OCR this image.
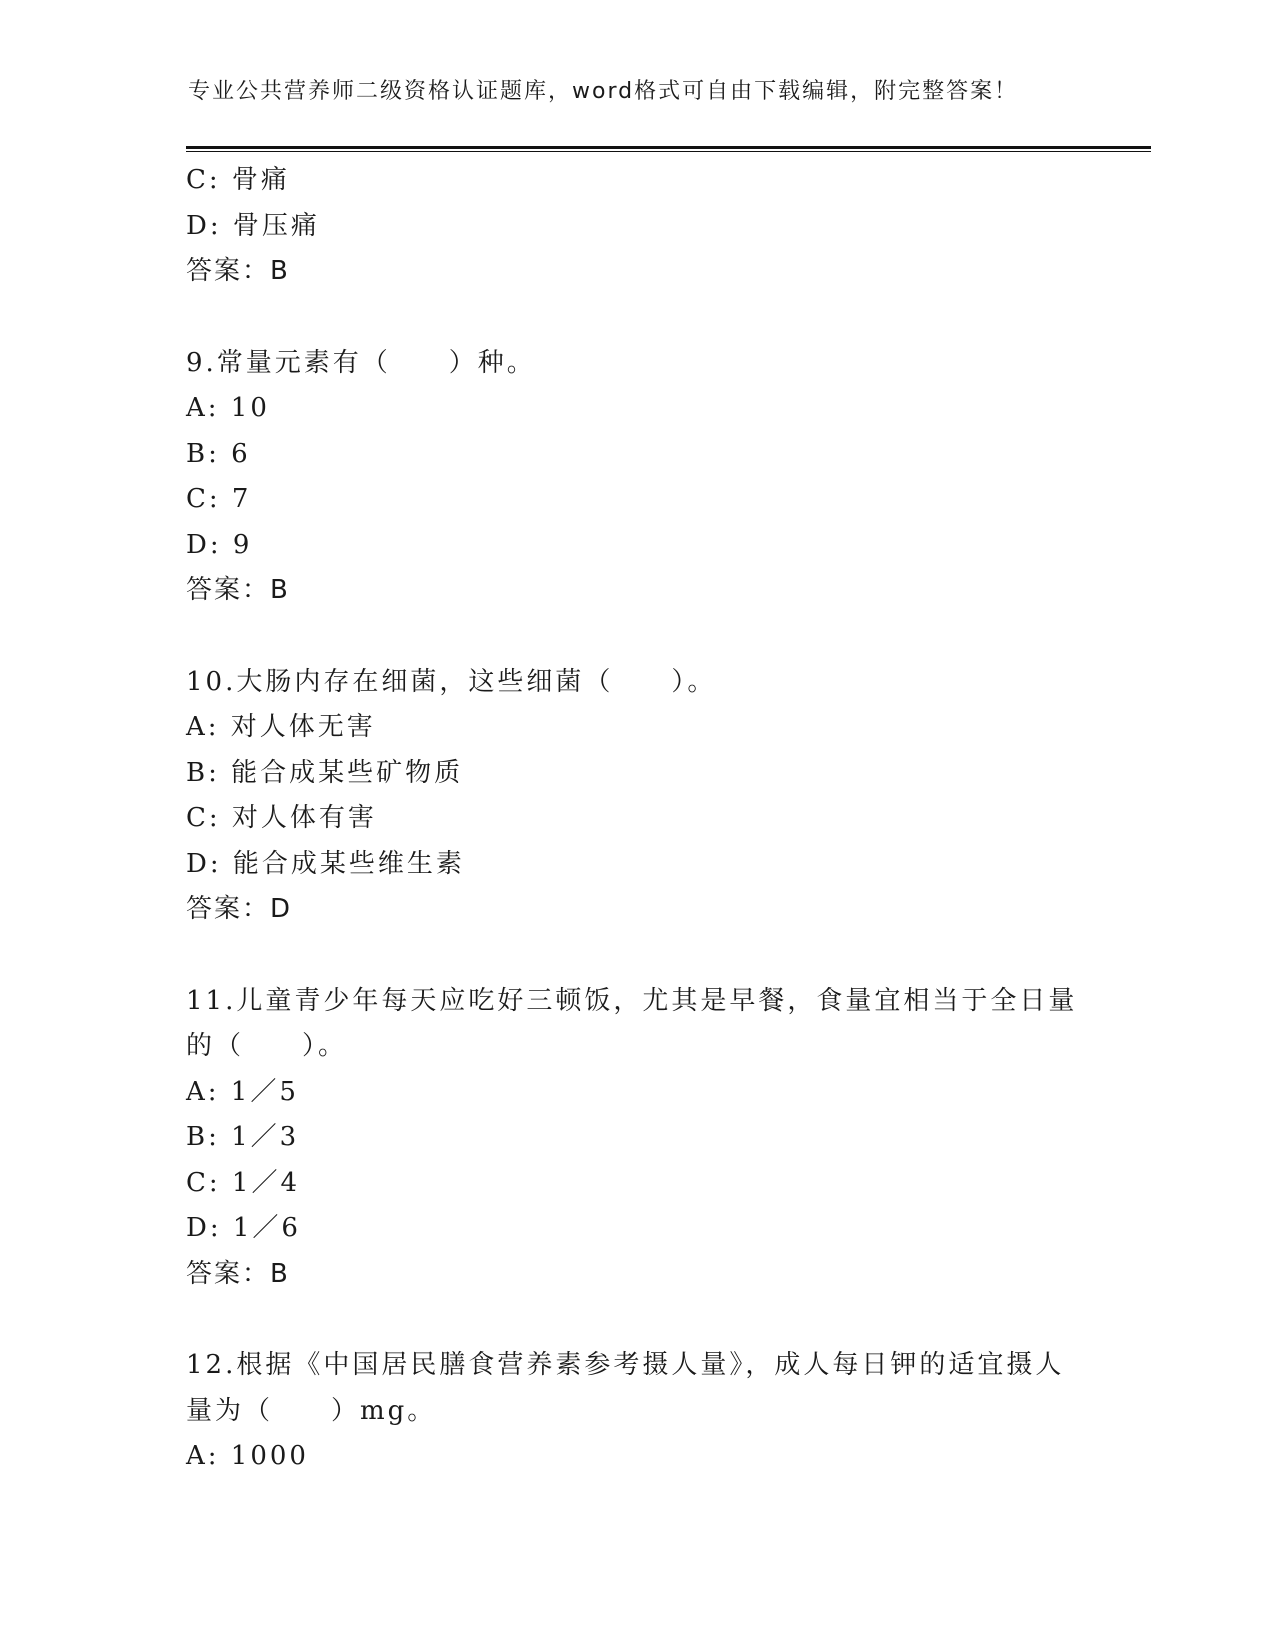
专业公共营养师二级资格认证题库，word格式可自由下载编辑，附完整答案！
C: 骨痛
D: 骨压痛
答案：B
9.常量元素有（　　）种。
A: 10
B: 6
C: 7
D: 9
答案：B
10.大肠内存在细菌，这些细菌（　　）。
A: 对人体无害
B: 能合成某些矿物质
C: 对人体有害
D: 能合成某些维生素
答案：D
11.儿童青少年每天应吃好三顿饭，尤其是早餐，食量宜相当于全日量
的（　　）。
A: 1／5
B: 1／3
C: 1／4
D: 1／6
答案：B
12.根据《中国居民膳食营养素参考摄人量》，成人每日钾的适宜摄人
量为（　　）mg。
A: 1000
